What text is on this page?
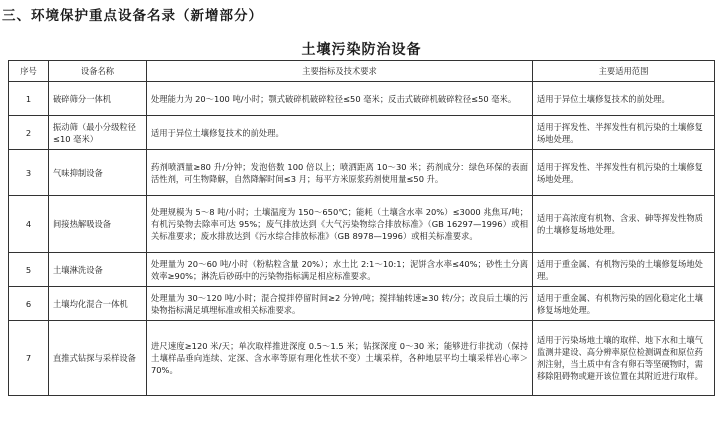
三、环境保护重点设备名录（新增部分）
土壤污染防治设备
序号	设备名称	主要指标及技术要求	主要适用范围
1	破碎筛分一体机	处理能力为 20～100 吨/小时；颚式破碎机破碎粒径≤50 毫米；反击式破碎机破碎粒径≤50 毫米。	适用于异位土壤修复技术的前处理。
2	振动筛（最小分级粒径≤10 毫米）	适用于异位土壤修复技术的前处理。	适用于挥发性、半挥发性有机污染的土壤修复场地处理。
3	气味抑制设备	药剂喷洒量≥80 升/分钟；发泡倍数 100 倍以上；喷洒距离 10～30 米；药剂成分：绿色环保的表面活性剂，可生物降解，自然降解时间≤3 月；每平方米原浆药剂使用量≤50 升。	适用于挥发性、半挥发性有机污染的土壤修复场地处理。
4	间接热解吸设备	处理规模为 5～8 吨/小时；土壤温度为 150～650℃；能耗（土壤含水率 20%）≤3000 兆焦耳/吨；有机污染物去除率可达 95%；废气排放达到《大气污染物综合排放标准》（GB 16297—1996）或相关标准要求；废水排放达到《污水综合排放标准》（GB 8978—1996）或相关标准要求。	适用于高浓度有机物、含汞、砷等挥发性物质的土壤修复场地处理。
5	土壤淋洗设备	处理量为 20～60 吨/小时（粉粘粒含量 20%）；水土比 2:1～10:1；泥饼含水率≤40%；砂性土分离效率≥90%；淋洗后砂砾中的污染物指标满足相应标准要求。	适用于重金属、有机物污染的土壤修复场地处理。
6	土壤均化混合一体机	处理量为 30～120 吨/小时；混合搅拌停留时间≥2 分钟/吨；搅拌轴转速≥30 转/分；改良后土壤的污染物指标满足填埋标准或相关标准要求。	适用于重金属、有机物污染的固化稳定化土壤修复场地处理。
7	直推式钻探与采样设备	进尺速度≥120 米/天；单次取样推进深度 0.5～1.5 米；钻探深度 0～30 米；能够进行非扰动（保持土壤样品垂向连续、定深、含水率等原有理化性状不变）土壤采样，各种地层平均土壤采样岩心率＞70%。	适用于污染场地土壤的取样、地下水和土壤气监测井建设、高分辨率原位检测调查和原位药剂注射，当土质中有含有卵石等坚硬物时，需移除阻碍物或避开该位置在其附近进行取样。
